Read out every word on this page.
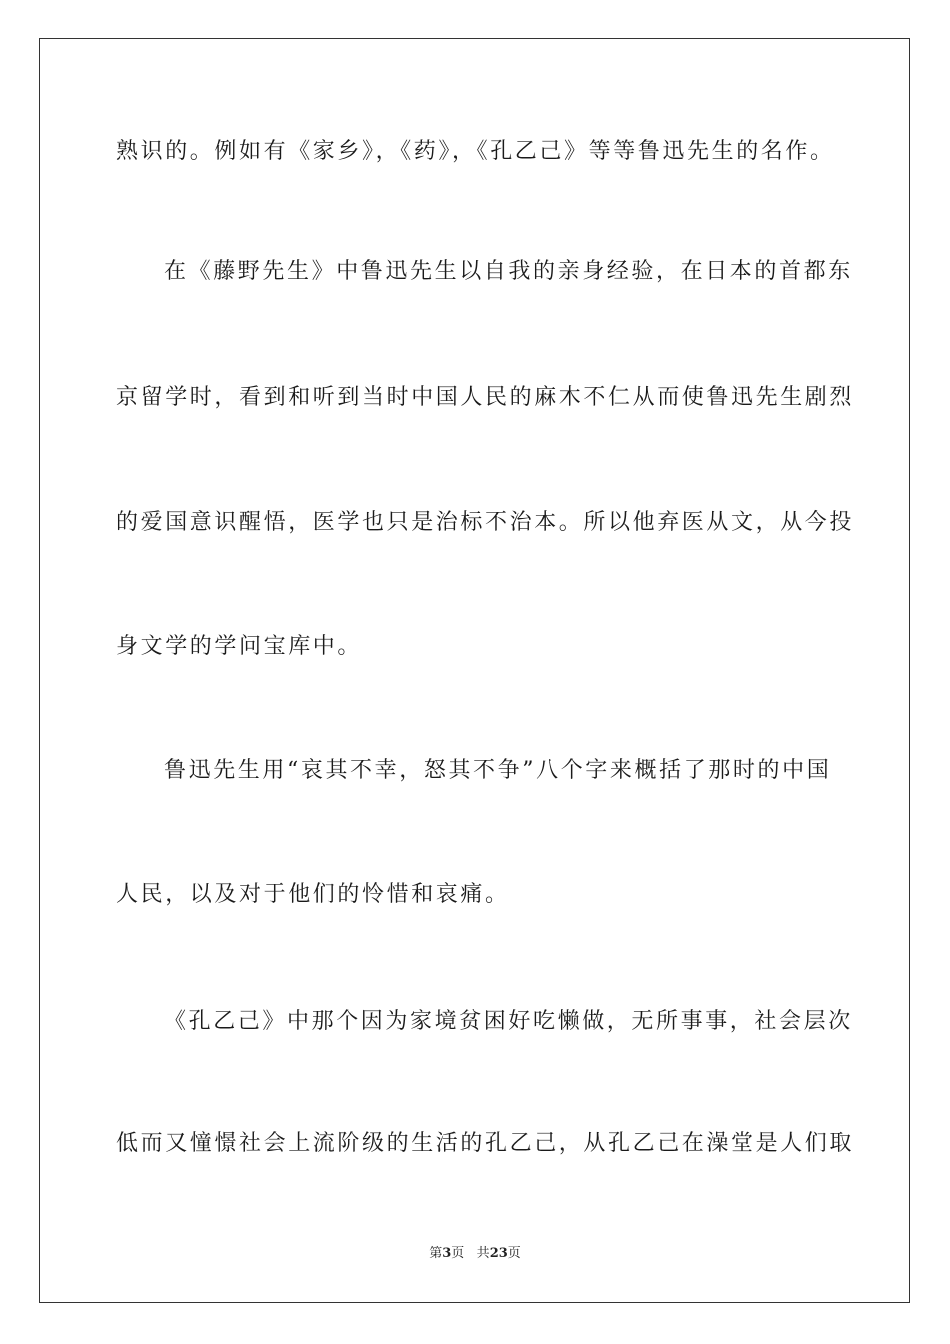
熟识的。例如有《家乡》，《药》，《孔乙己》等等鲁迅先生的名作。
在《藤野先生》中鲁迅先生以自我的亲身经验，在日本的首都东
京留学时，看到和听到当时中国人民的麻木不仁从而使鲁迅先生剧烈
的爱国意识醒悟，医学也只是治标不治本。所以他弃医从文，从今投
身文学的学问宝库中。
鲁迅先生用“哀其不幸，怒其不争”八个字来概括了那时的中国
人民，以及对于他们的怜惜和哀痛。
《孔乙己》中那个因为家境贫困好吃懒做，无所事事，社会层次
低而又憧憬社会上流阶级的生活的孔乙己，从孔乙己在澡堂是人们取
第3页 共23页
